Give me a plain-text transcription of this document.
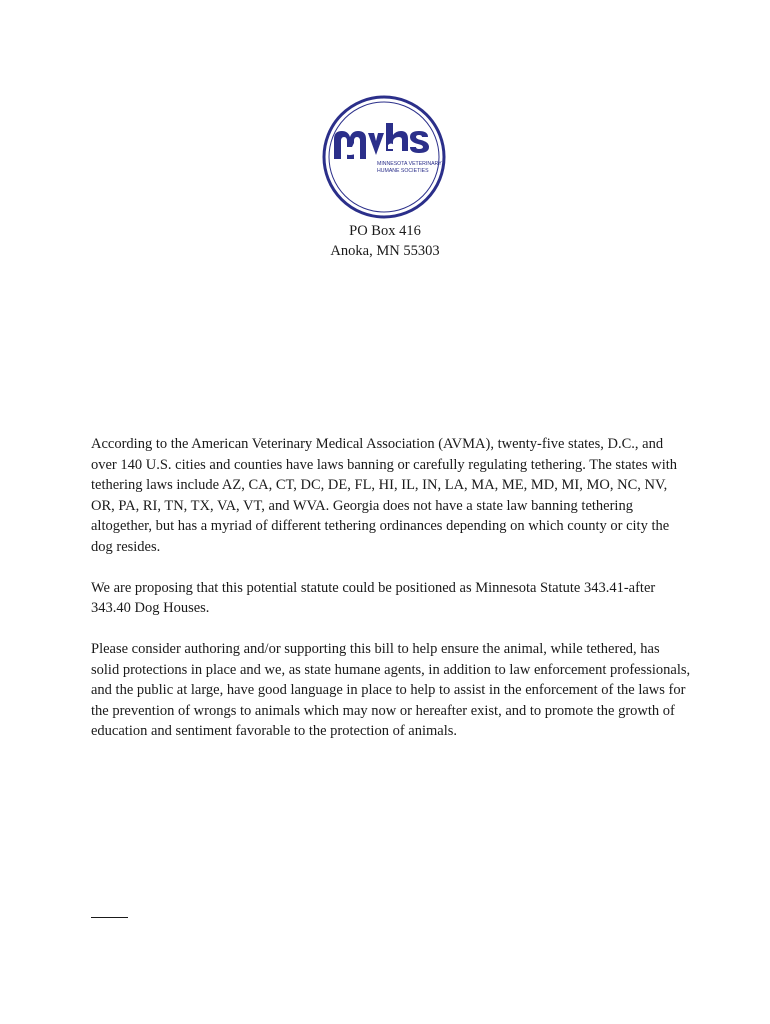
MINNESOTA VETERINARY
HUMANE SOCIETIES
PO Box 416
Anoka, MN 55303

According to the American Veterinary Medical Association (AVMA), twenty-five states, D.C., and over 140 U.S. cities and counties have laws banning or carefully regulating tethering. The states with tethering laws include AZ, CA, CT, DC, DE, FL, HI, IL, IN, LA, MA, ME, MD, MI, MO, NC, NV, OR, PA, RI, TN, TX, VA, VT, and WVA. Georgia does not have a state law banning tethering altogether, but has a myriad of different tethering ordinances depending on which county or city the dog resides.

We are proposing that this potential statute could be positioned as Minnesota Statute 343.41-after 343.40 Dog Houses.

Please consider authoring and/or supporting this bill to help ensure the animal, while tethered, has solid protections in place and we, as state humane agents, in addition to law enforcement professionals, and the public at large, have good language in place to help to assist in the enforcement of the laws for the prevention of wrongs to animals which may now or hereafter exist, and to promote the growth of education and sentiment favorable to the protection of animals.
